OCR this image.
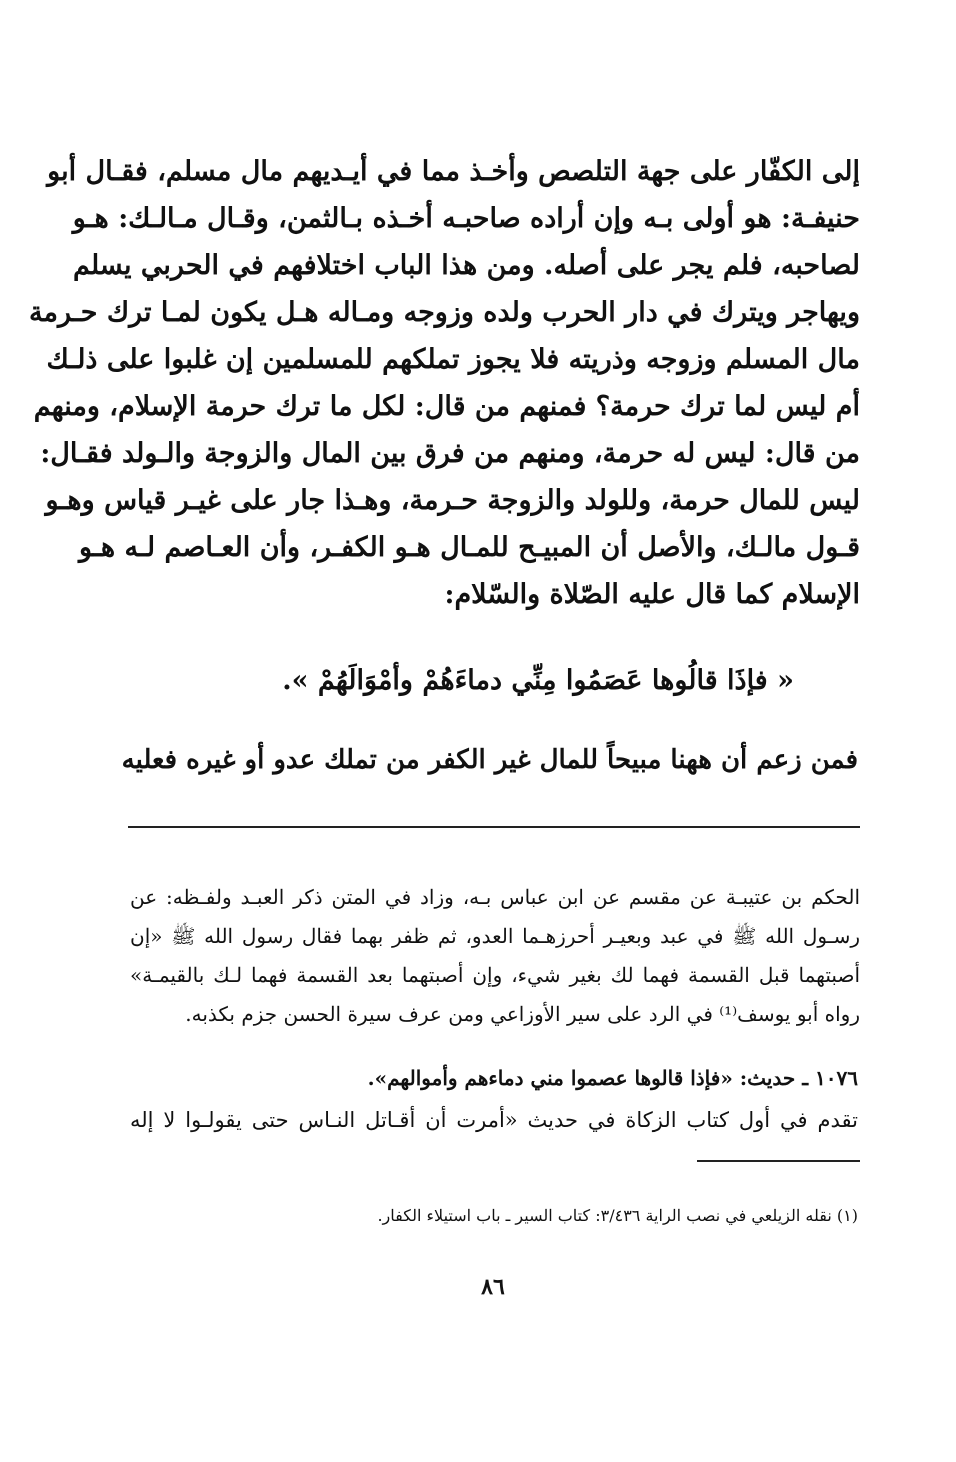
إلى الكفّار على جهة التلصص وأخـذ مما في أيـديهم مال مسلم، فقـال أبو
حنيفـة: هو أولى بـه وإن أراده صاحبـه أخـذه بـالثمن، وقـال مـالـك: هـو
لصاحبه، فلم يجر على أصله. ومن هذا الباب اختلافهم في الحربي يسلم
ويهاجر ويترك في دار الحرب ولده وزوجه ومـاله هـل يكون لمـا ترك حـرمة
مال المسلم وزوجه وذريته فلا يجوز تملكهم للمسلمين إن غلبوا على ذلـك
أم ليس لما ترك حرمة؟ فمنهم من قال: لكل ما ترك حرمة الإسلام، ومنهم
من قال: ليس له حرمة، ومنهم من فرق بين المال والزوجة والـولد فقـال:
ليس للمال حرمة، وللولد والزوجة حـرمة، وهـذا جار على غيـر قياس وهـو
قـول مالـك، والأصل أن المبيـح للمـال هـو الكفـر، وأن العـاصم لـه هـو
الإسلام كما قال عليه الصّلاة والسّلام:
« فإذَا قالُوها عَصَمُوا مِنِّي دماءَهُمْ وأمْوَالَهُمْ ».
فمن زعم أن ههنا مبيحاً للمال غير الكفر من تملك عدو أو غيره فعليه
الحكم بن عتيبـة عن مقسم عن ابن عباس بـه، وزاد في المتن ذكر العبـد ولفـظه: عن
رسـول الله ﷺ في عبد وبعيـر أحرزهـما العدو، ثم ظفر بهما فقال رسول الله ﷺ «إن
أصبتهما قبل القسمة فهما لك بغير شيء، وإن أصبتهما بعد القسمة فهما لـك بالقيمـة»
رواه أبو يوسف⁽¹⁾ في الرد على سير الأوزاعي ومن عرف سيرة الحسن جزم بكذبه.
١٠٧٦ ـ حديث: «فإذا قالوها عصموا مني دماءهم وأموالهم».
تقدم في أول كتاب الزكاة في حديث «أمرت أن أقـاتل النـاس حتى يقولـوا لا إله
(١) نقله الزيلعي في نصب الراية ٣/٤٣٦: كتاب السير ـ باب استيلاء الكفار.
٨٦
